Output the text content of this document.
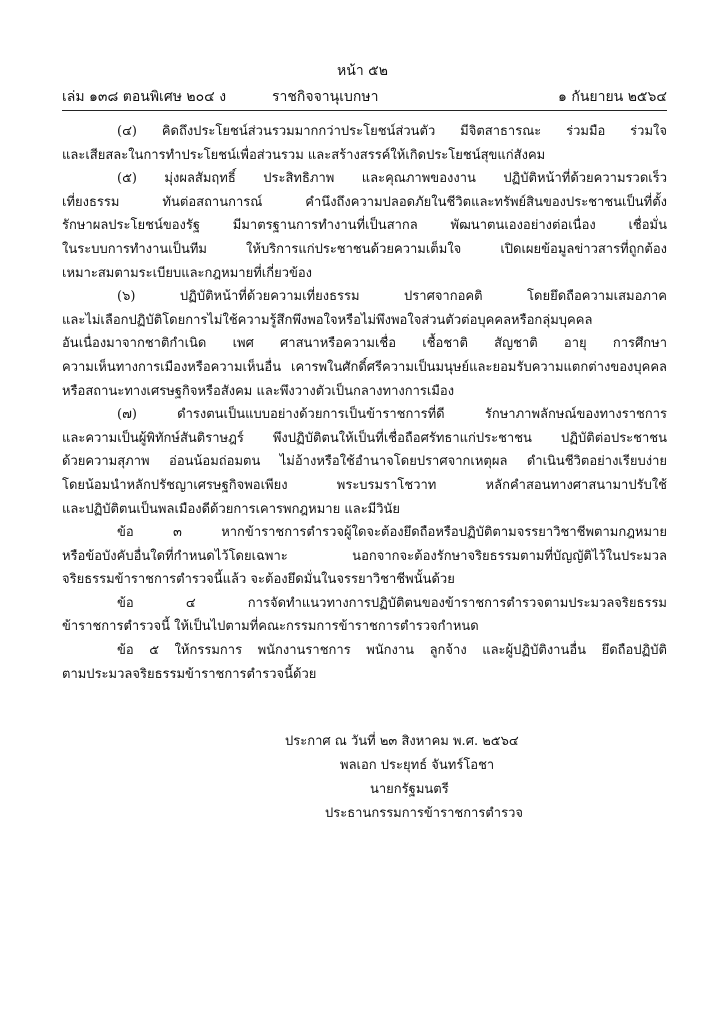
หน้า ๕๒
เล่ม ๑๓๘ ตอนพิเศษ ๒๐๔ ง	ราชกิจจานุเบกษา	๑ กันยายน ๒๕๖๔
(๔) คิดถึงประโยชน์ส่วนรวมมากกว่าประโยชน์ส่วนตัว มีจิตสาธารณะ ร่วมมือ ร่วมใจ
และเสียสละในการทำประโยชน์เพื่อส่วนรวม และสร้างสรรค์ให้เกิดประโยชน์สุขแก่สังคม
(๕) มุ่งผลสัมฤทธิ์ ประสิทธิภาพ และคุณภาพของงาน ปฏิบัติหน้าที่ด้วยความรวดเร็ว
เที่ยงธรรม ทันต่อสถานการณ์ คำนึงถึงความปลอดภัยในชีวิตและทรัพย์สินของประชาชนเป็นที่ตั้ง
รักษาผลประโยชน์ของรัฐ มีมาตรฐานการทำงานที่เป็นสากล พัฒนาตนเองอย่างต่อเนื่อง เชื่อมั่น
ในระบบการทำงานเป็นทีม ให้บริการแก่ประชาชนด้วยความเต็มใจ เปิดเผยข้อมูลข่าวสารที่ถูกต้อง
เหมาะสมตามระเบียบและกฎหมายที่เกี่ยวข้อง
(๖) ปฏิบัติหน้าที่ด้วยความเที่ยงธรรม ปราศจากอคติ โดยยึดถือความเสมอภาค
และไม่เลือกปฏิบัติโดยการไม่ใช้ความรู้สึกพึงพอใจหรือไม่พึงพอใจส่วนตัวต่อบุคคลหรือกลุ่มบุคคล
อันเนื่องมาจากชาติกำเนิด เพศ ศาสนาหรือความเชื่อ เชื้อชาติ สัญชาติ อายุ การศึกษา
ความเห็นทางการเมืองหรือความเห็นอื่น เคารพในศักดิ์ศรีความเป็นมนุษย์และยอมรับความแตกต่างของบุคคล
หรือสถานะทางเศรษฐกิจหรือสังคม และพึงวางตัวเป็นกลางทางการเมือง
(๗) ดำรงตนเป็นแบบอย่างด้วยการเป็นข้าราชการที่ดี รักษาภาพลักษณ์ของทางราชการ
และความเป็นผู้พิทักษ์สันติราษฎร์ พึงปฏิบัติตนให้เป็นที่เชื่อถือศรัทธาแก่ประชาชน ปฏิบัติต่อประชาชน
ด้วยความสุภาพ อ่อนน้อมถ่อมตน ไม่อ้างหรือใช้อำนาจโดยปราศจากเหตุผล ดำเนินชีวิตอย่างเรียบง่าย
โดยน้อมนำหลักปรัชญาเศรษฐกิจพอเพียง พระบรมราโชวาท หลักคำสอนทางศาสนามาปรับใช้
และปฏิบัติตนเป็นพลเมืองดีด้วยการเคารพกฎหมาย และมีวินัย
ข้อ ๓ หากข้าราชการตำรวจผู้ใดจะต้องยึดถือหรือปฏิบัติตามจรรยาวิชาชีพตามกฎหมาย
หรือข้อบังคับอื่นใดที่กำหนดไว้โดยเฉพาะ นอกจากจะต้องรักษาจริยธรรมตามที่บัญญัติไว้ในประมวล
จริยธรรมข้าราชการตำรวจนี้แล้ว จะต้องยึดมั่นในจรรยาวิชาชีพนั้นด้วย
ข้อ ๔ การจัดทำแนวทางการปฏิบัติตนของข้าราชการตำรวจตามประมวลจริยธรรม
ข้าราชการตำรวจนี้ ให้เป็นไปตามที่คณะกรรมการข้าราชการตำรวจกำหนด
ข้อ ๕ ให้กรรมการ พนักงานราชการ พนักงาน ลูกจ้าง และผู้ปฏิบัติงานอื่น ยึดถือปฏิบัติ
ตามประมวลจริยธรรมข้าราชการตำรวจนี้ด้วย
ประกาศ ณ วันที่ ๒๓ สิงหาคม พ.ศ. ๒๕๖๔
พลเอก ประยุทธ์ จันทร์โอชา
นายกรัฐมนตรี
ประธานกรรมการข้าราชการตำรวจ
